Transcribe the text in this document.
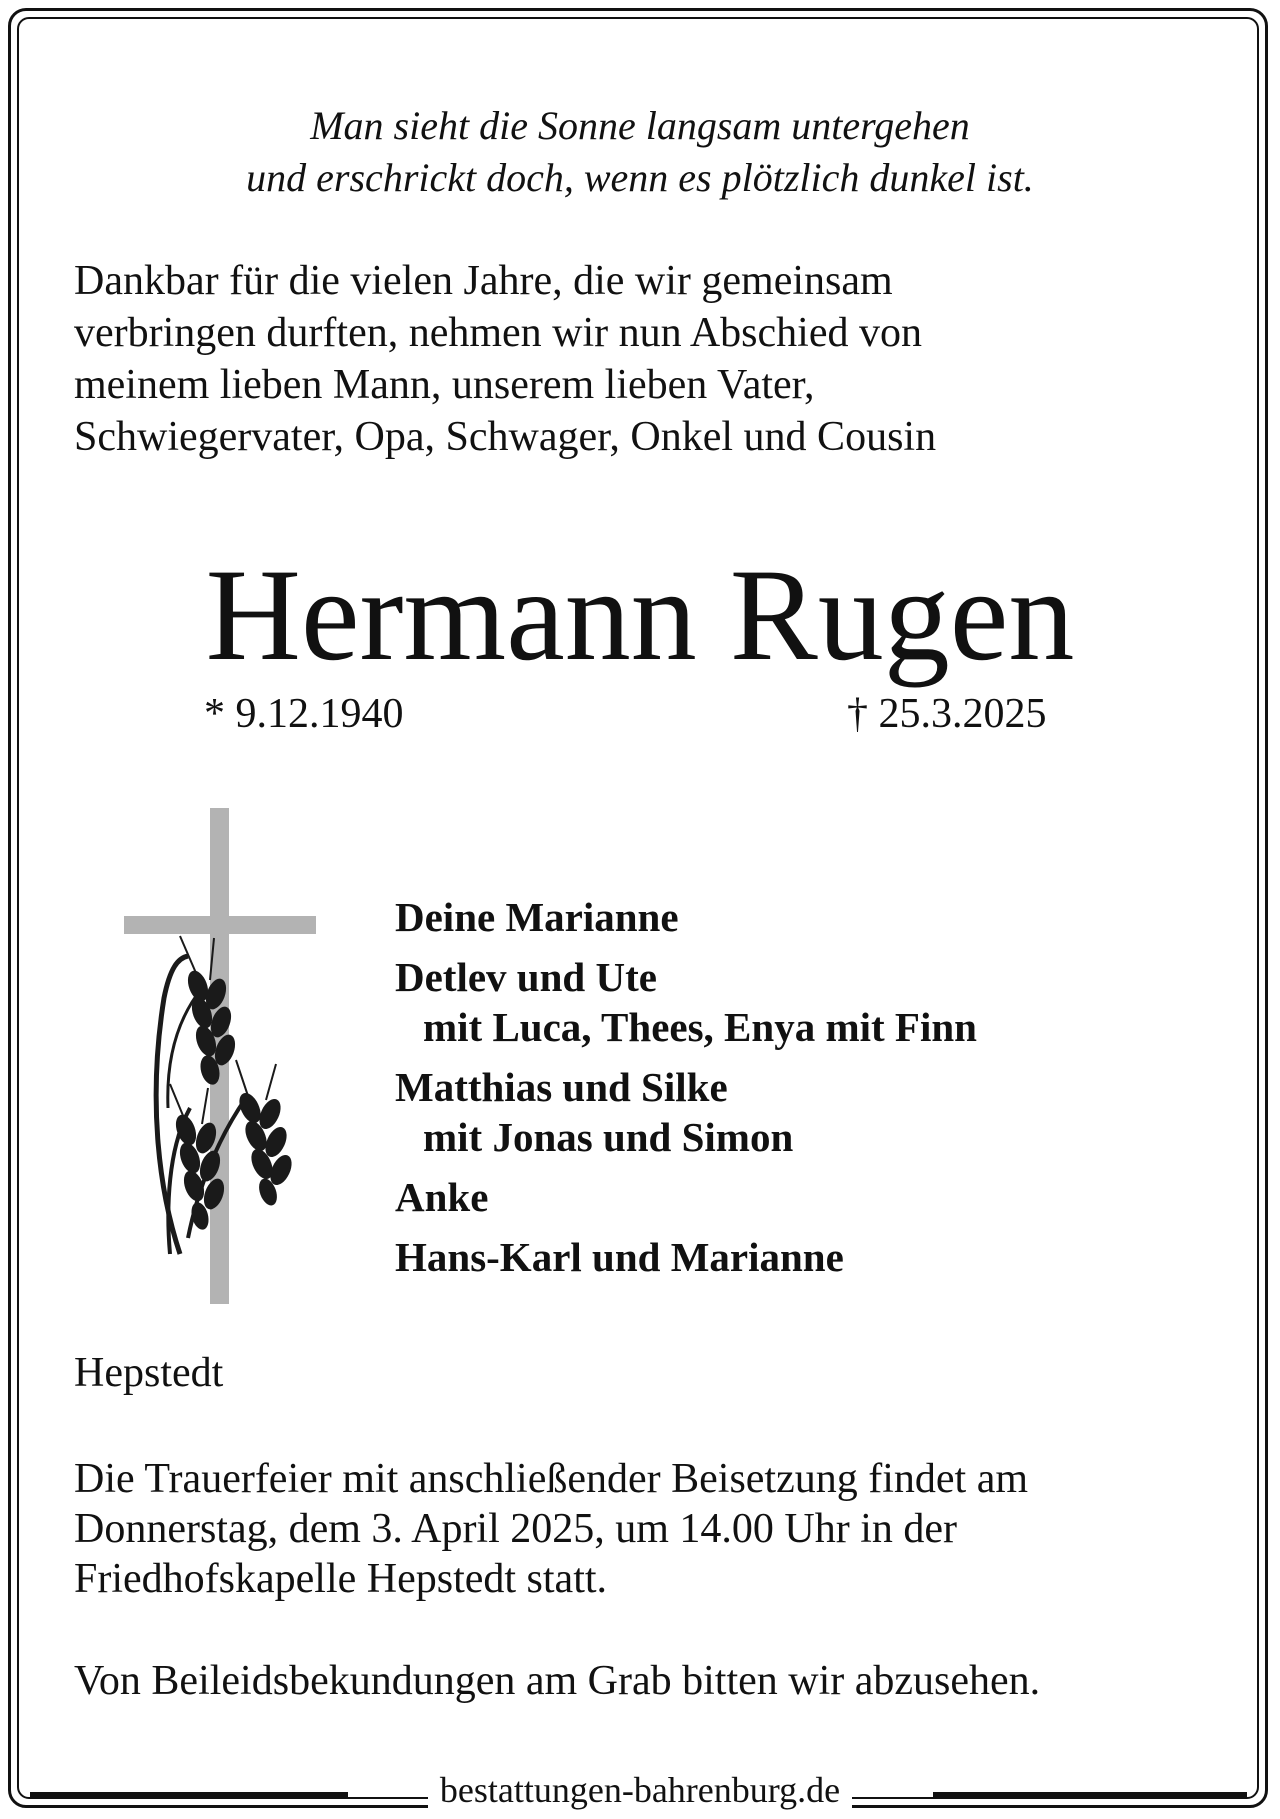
Man sieht die Sonne langsam untergehen
und erschrickt doch, wenn es plötzlich dunkel ist.
Dankbar für die vielen Jahre, die wir gemeinsam
verbringen durften, nehmen wir nun Abschied von
meinem lieben Mann, unserem lieben Vater,
Schwiegervater, Opa, Schwager, Onkel und Cousin
Hermann Rugen
* 9.12.1940	† 25.3.2025
Deine Marianne
Detlev und Ute
mit Luca, Thees, Enya mit Finn
Matthias und Silke
mit Jonas und Simon
Anke
Hans-Karl und Marianne
Hepstedt
Die Trauerfeier mit anschließender Beisetzung findet am
Donnerstag, dem 3. April 2025, um 14.00 Uhr in der
Friedhofskapelle Hepstedt statt.
Von Beileidsbekundungen am Grab bitten wir abzusehen.
bestattungen-bahrenburg.de
